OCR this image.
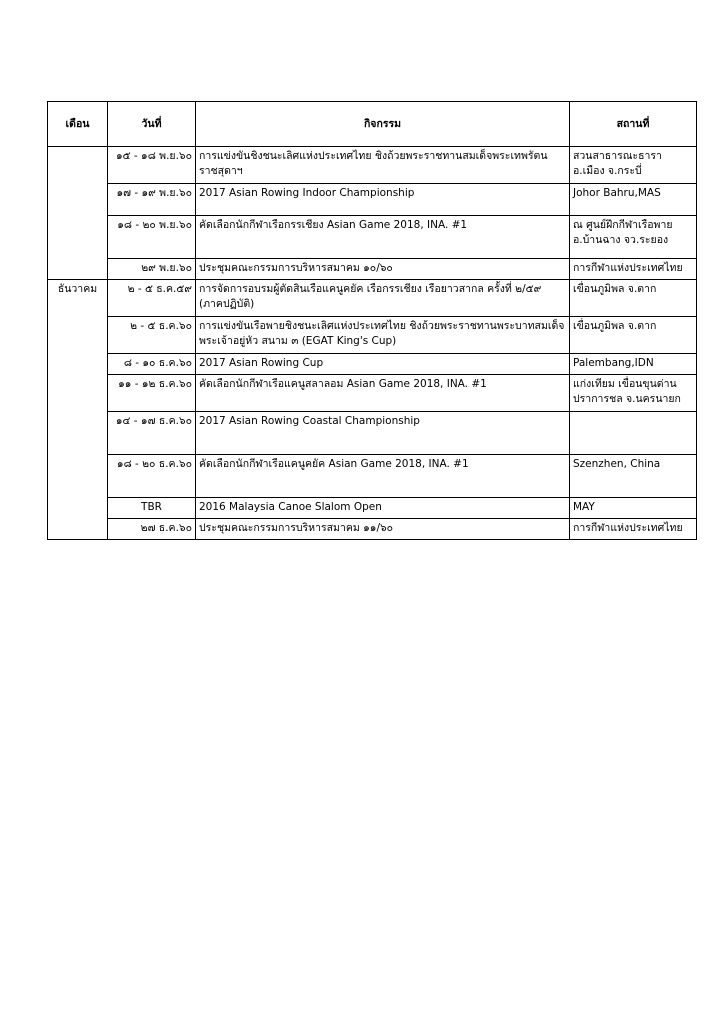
เดือน	วันที่	กิจกรรม	สถานที่
	๑๕ - ๑๘ พ.ย.๖๐	การแข่งขันชิงชนะเลิศแห่งประเทศไทย ชิงถ้วยพระราชทานสมเด็จพระเทพรัตนราชสุดาฯ	สวนสาธารณะธารา อ.เมือง จ.กระบี่
	๑๗ - ๑๙ พ.ย.๖๐	2017 Asian Rowing Indoor Championship	Johor Bahru,MAS
	๑๘ - ๒๐ พ.ย.๖๐	คัดเลือกนักกีฬาเรือกรรเชียง Asian Game 2018, INA. #1	ณ ศูนย์ฝึกกีฬาเรือพาย อ.บ้านฉาง จว.ระยอง
	๒๙ พ.ย.๖๐	ประชุมคณะกรรมการบริหารสมาคม ๑๐/๖๐	การกีฬาแห่งประเทศไทย
ธันวาคม	๒ - ๕ ธ.ค.๕๙	การจัดการอบรมผู้ตัดสินเรือแคนูคยัค เรือกรรเชียง เรือยาวสากล ครั้งที่ ๒/๕๙ (ภาคปฏิบัติ)	เขื่อนภูมิพล จ.ตาก
	๒ - ๕ ธ.ค.๖๐	การแข่งขันเรือพายชิงชนะเลิศแห่งประเทศไทย ชิงถ้วยพระราชทานพระบาทสมเด็จพระเจ้าอยู่หัว สนาม ๓ (EGAT King's Cup)	เขื่อนภูมิพล จ.ตาก
	๘ - ๑๐ ธ.ค.๖๐	2017 Asian Rowing Cup	Palembang,IDN
	๑๑ - ๑๒ ธ.ค.๖๐	คัดเลือกนักกีฬาเรือแคนูสลาลอม Asian Game 2018, INA. #1	แก่งเทียม เขื่อนขุนด่านปราการชล จ.นครนายก
	๑๔ - ๑๗ ธ.ค.๖๐	2017 Asian Rowing Coastal Championship	
	๑๘ - ๒๐ ธ.ค.๖๐	คัดเลือกนักกีฬาเรือแคนูคยัค Asian Game 2018, INA. #1	Szenzhen, China
	TBR	2016 Malaysia Canoe Slalom Open	MAY
	๒๗ ธ.ค.๖๐	ประชุมคณะกรรมการบริหารสมาคม ๑๑/๖๐	การกีฬาแห่งประเทศไทย
